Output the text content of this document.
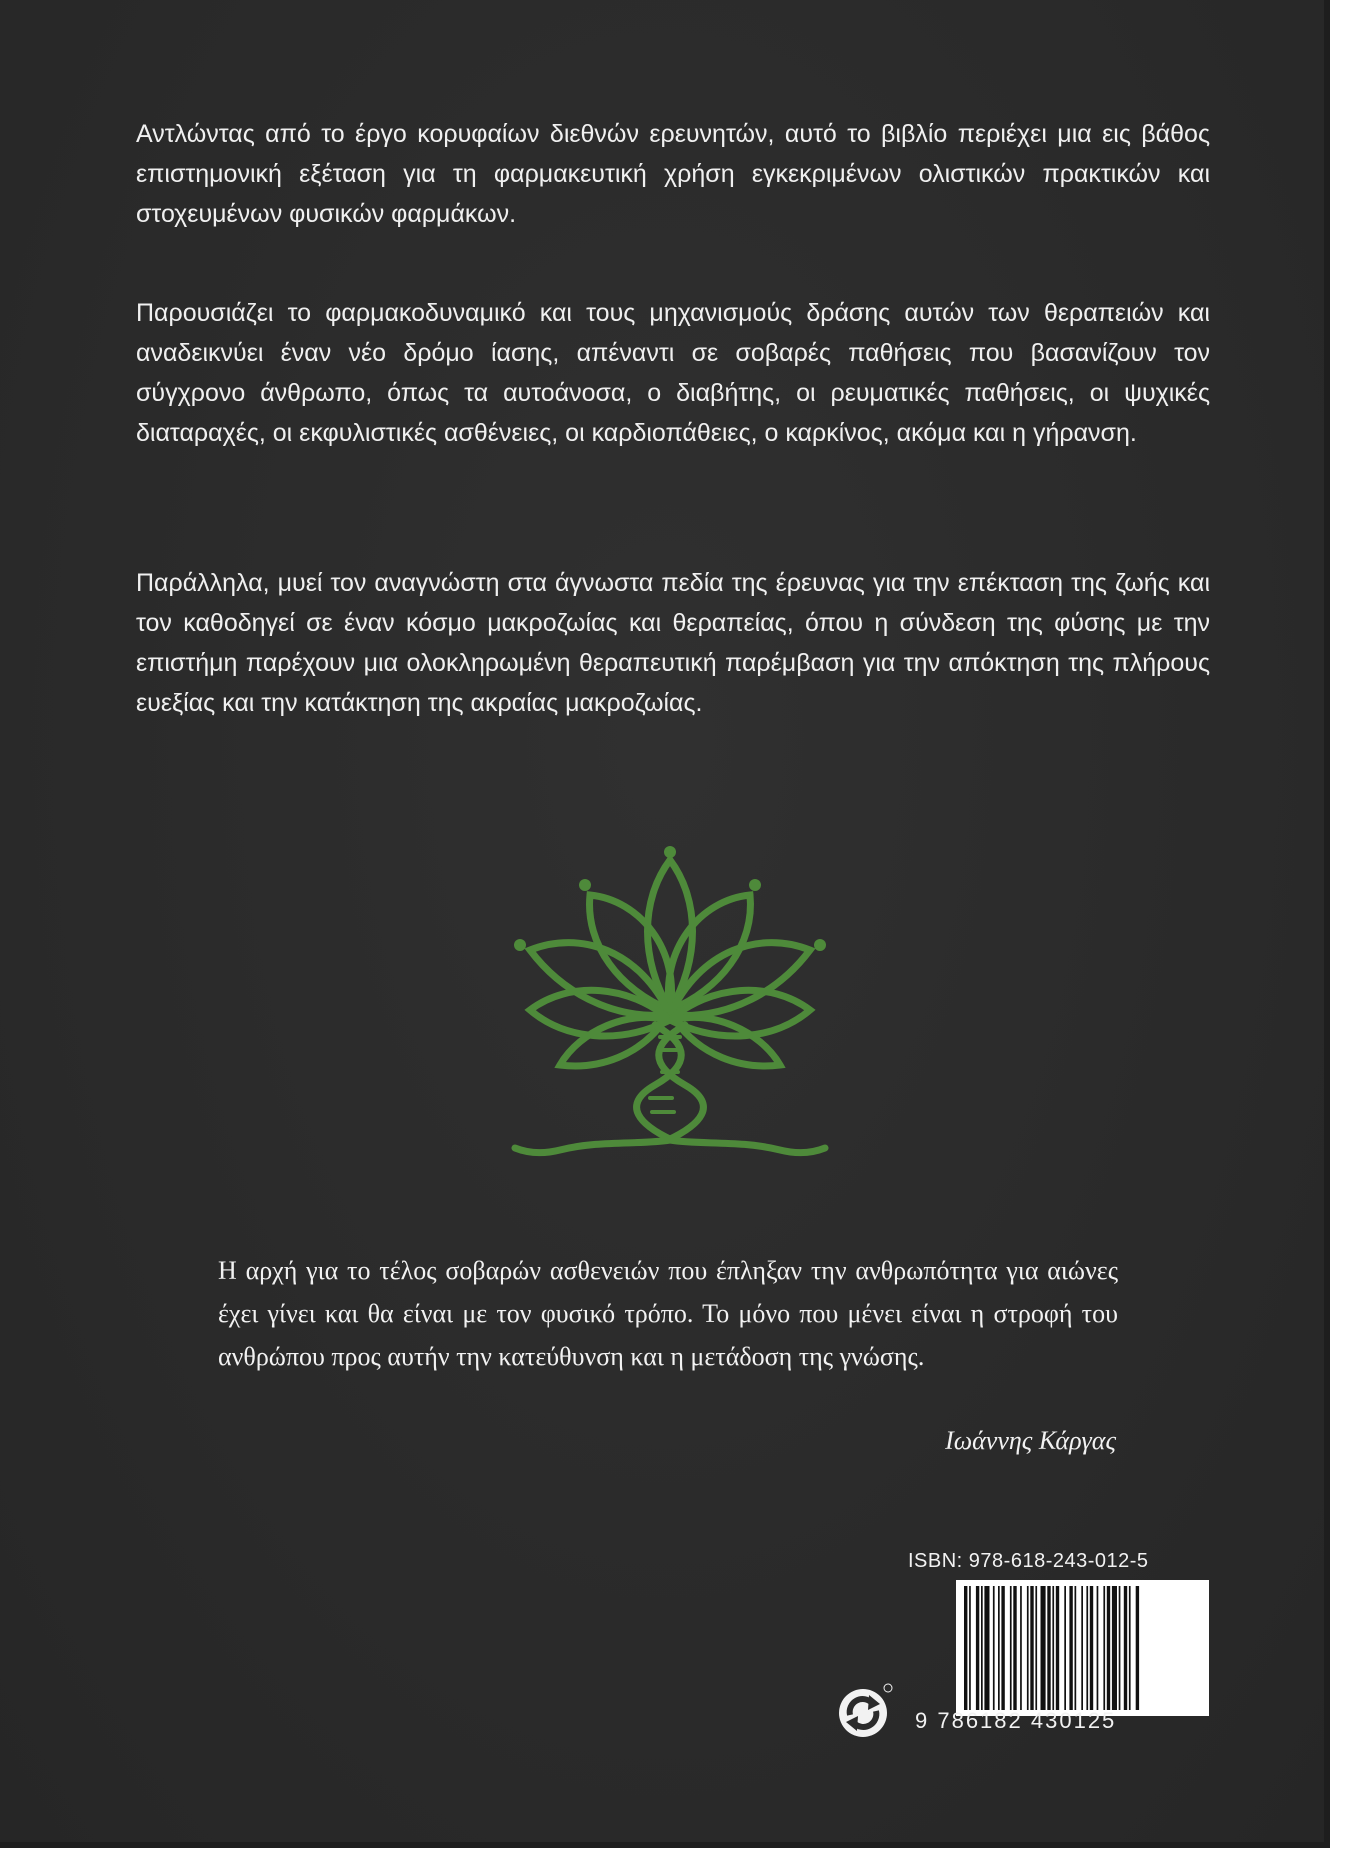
Αντλώντας από το έργο κορυφαίων διεθνών ερευνητών, αυτό το βιβλίο περιέχει μια εις βάθος επιστημονική εξέταση για τη φαρμακευτική χρήση εγκεκριμένων ολιστικών πρακτικών και στοχευμένων φυσικών φαρμάκων.

Παρουσιάζει το φαρμακοδυναμικό και τους μηχανισμούς δράσης αυτών των θεραπειών και αναδεικνύει έναν νέο δρόμο ίασης, απέναντι σε σοβαρές παθήσεις που βασανίζουν τον σύγχρονο άνθρωπο, όπως τα αυτοάνοσα, ο διαβήτης, οι ρευματικές παθήσεις, οι ψυχικές διαταραχές, οι εκφυλιστικές ασθένειες, οι καρδιοπάθειες, ο καρκίνος, ακόμα και η γήρανση.

Παράλληλα, μυεί τον αναγνώστη στα άγνωστα πεδία της έρευνας για την επέκταση της ζωής και τον καθοδηγεί σε έναν κόσμο μακροζωίας και θεραπείας, όπου η σύνδεση της φύσης με την επιστήμη παρέχουν μια ολοκληρωμένη θεραπευτική παρέμβαση για την απόκτηση της πλήρους ευεξίας και την κατάκτηση της ακραίας μακροζωίας.

Η αρχή για το τέλος σοβαρών ασθενειών που έπληξαν την ανθρωπότητα για αιώνες έχει γίνει και θα είναι με τον φυσικό τρόπο. Το μόνο που μένει είναι η στροφή του ανθρώπου προς αυτήν την κατεύθυνση και η μετάδοση της γνώσης.

Ιωάννης Κάργας
ISBN: 978-618-243-012-5
9 786182 430125
